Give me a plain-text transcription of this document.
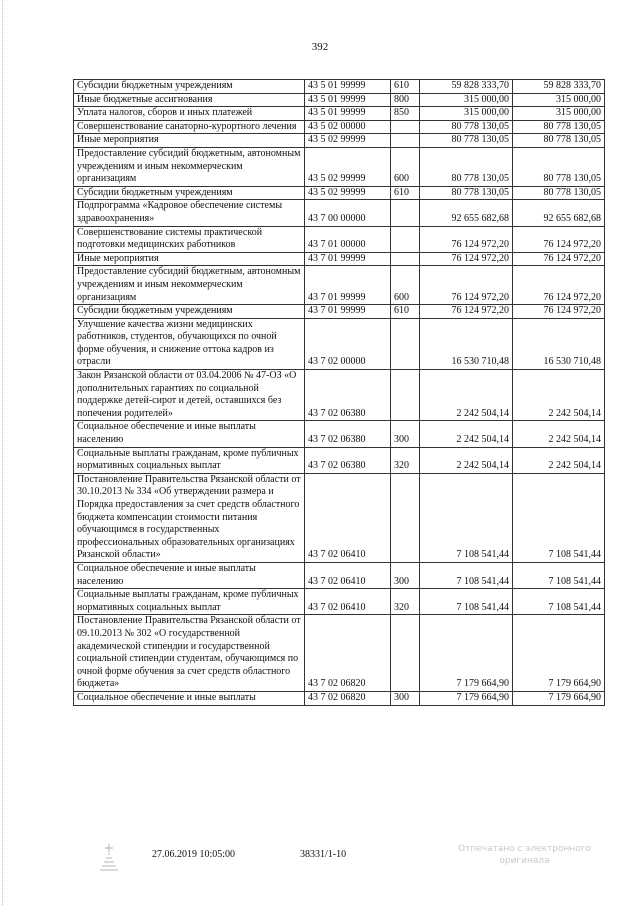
392
Субсидии бюджетным учреждениям	43 5 01 99999	610	59 828 333,70	59 828 333,70
Иные бюджетные ассигнования	43 5 01 99999	800	315 000,00	315 000,00
Уплата налогов, сборов и иных платежей	43 5 01 99999	850	315 000,00	315 000,00
Совершенствование санаторно-курортного лечения	43 5 02 00000		80 778 130,05	80 778 130,05
Иные мероприятия	43 5 02 99999		80 778 130,05	80 778 130,05
Предоставление субсидий бюджетным, автономным учреждениям и иным некоммерческим организациям	43 5 02 99999	600	80 778 130,05	80 778 130,05
Субсидии бюджетным учреждениям	43 5 02 99999	610	80 778 130,05	80 778 130,05
Подпрограмма «Кадровое обеспечение системы здравоохранения»	43 7 00 00000		92 655 682,68	92 655 682,68
Совершенствование системы практической подготовки медицинских работников	43 7 01 00000		76 124 972,20	76 124 972,20
Иные мероприятия	43 7 01 99999		76 124 972,20	76 124 972,20
Предоставление субсидий бюджетным, автономным учреждениям и иным некоммерческим организациям	43 7 01 99999	600	76 124 972,20	76 124 972,20
Субсидии бюджетным учреждениям	43 7 01 99999	610	76 124 972,20	76 124 972,20
Улучшение качества жизни медицинских работников, студентов, обучающихся по очной форме обучения, и снижение оттока кадров из отрасли	43 7 02 00000		16 530 710,48	16 530 710,48
Закон Рязанской области от 03.04.2006 № 47-ОЗ «О дополнительных гарантиях по социальной поддержке детей-сирот и детей, оставшихся без попечения родителей»	43 7 02 06380		2 242 504,14	2 242 504,14
Социальное обеспечение и иные выплаты населению	43 7 02 06380	300	2 242 504,14	2 242 504,14
Социальные выплаты гражданам, кроме публичных нормативных социальных выплат	43 7 02 06380	320	2 242 504,14	2 242 504,14
Постановление Правительства Рязанской области от 30.10.2013 № 334 «Об утверждении размера и Порядка предоставления за счет средств областного бюджета компенсации стоимости питания обучающимся в государственных профессиональных образовательных организациях Рязанской области»	43 7 02 06410		7 108 541,44	7 108 541,44
Социальное обеспечение и иные выплаты населению	43 7 02 06410	300	7 108 541,44	7 108 541,44
Социальные выплаты гражданам, кроме публичных нормативных социальных выплат	43 7 02 06410	320	7 108 541,44	7 108 541,44
Постановление Правительства Рязанской области от 09.10.2013 № 302 «О государственной академической стипендии и государственной социальной стипендии студентам, обучающимся по очной форме обучения за счет средств областного бюджета»	43 7 02 06820		7 179 664,90	7 179 664,90
Социальное обеспечение и иные выплаты	43 7 02 06820	300	7 179 664,90	7 179 664,90
27.06.2019 10:05:00	38331/1-10	Отпечатано с электронного
оригинала
